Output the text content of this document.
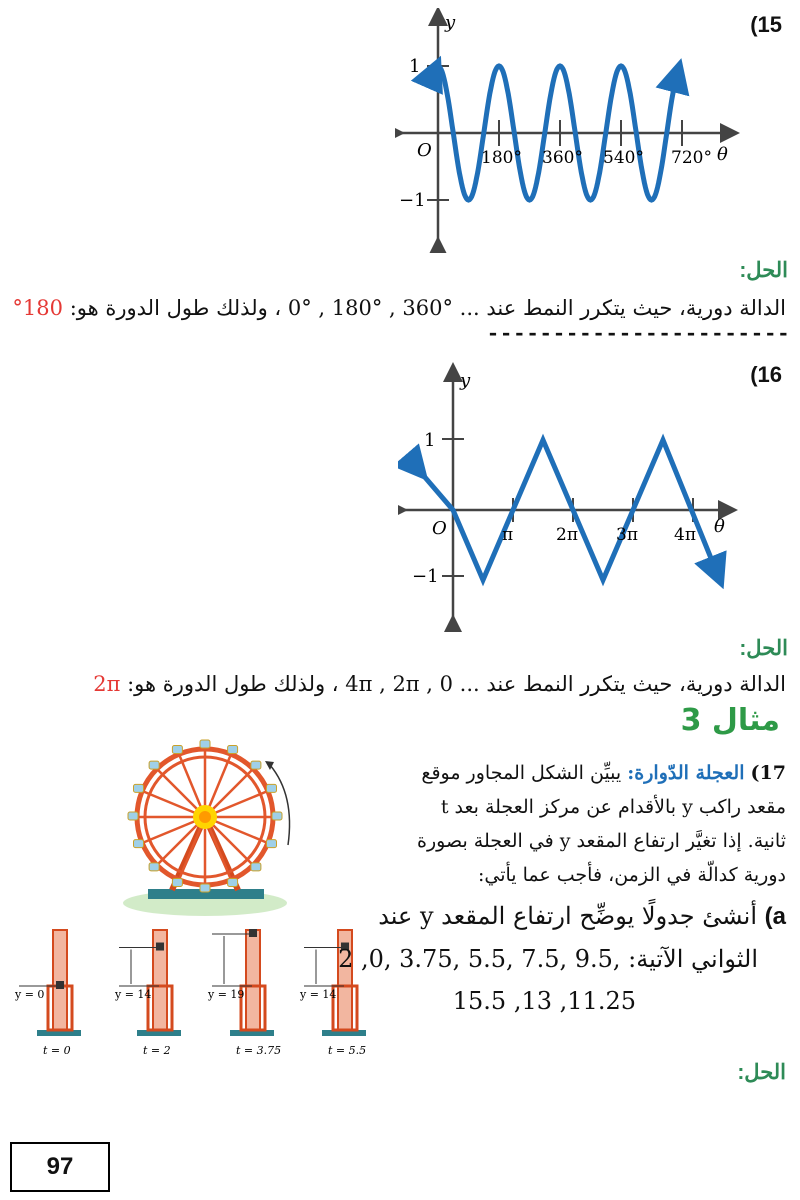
(15
y
1
−1
O	θ
180° 360° 540° 720°
الحل:
الدالة دورية، حيث يتكرر النمط عند ... °360 , °180 , °0 ، ولذلك طول الدورة هو: 180°
-----------------------
(16
y
1
−1
O	θ
π	2π 3π 4π
الحل:
الدالة دورية، حيث يتكرر النمط عند ... 4π , 2π , 0 ، ولذلك طول الدورة هو: 2π
مثال 3
y = 0
t = 0
y = 14
t = 2
y = 19
t = 3.75
y = 14
t = 5.5
17) العجلة الدّوارة: يبيِّن الشكل المجاور موقع
مقعد راكب y بالأقدام عن مركز العجلة بعد t
ثانية. إذا تغيَّر ارتفاع المقعد y في العجلة بصورة
دورية كدالّة في الزمن، فأجب عما يأتي:
a) أنشئ جدولًا يوضِّح ارتفاع المقعد y عند
الثواني الآتية: ,9.5 ,7.5 ,5.5 ,3.75 ,0, 2
11.25, 13, 15.5
الحل:
97
